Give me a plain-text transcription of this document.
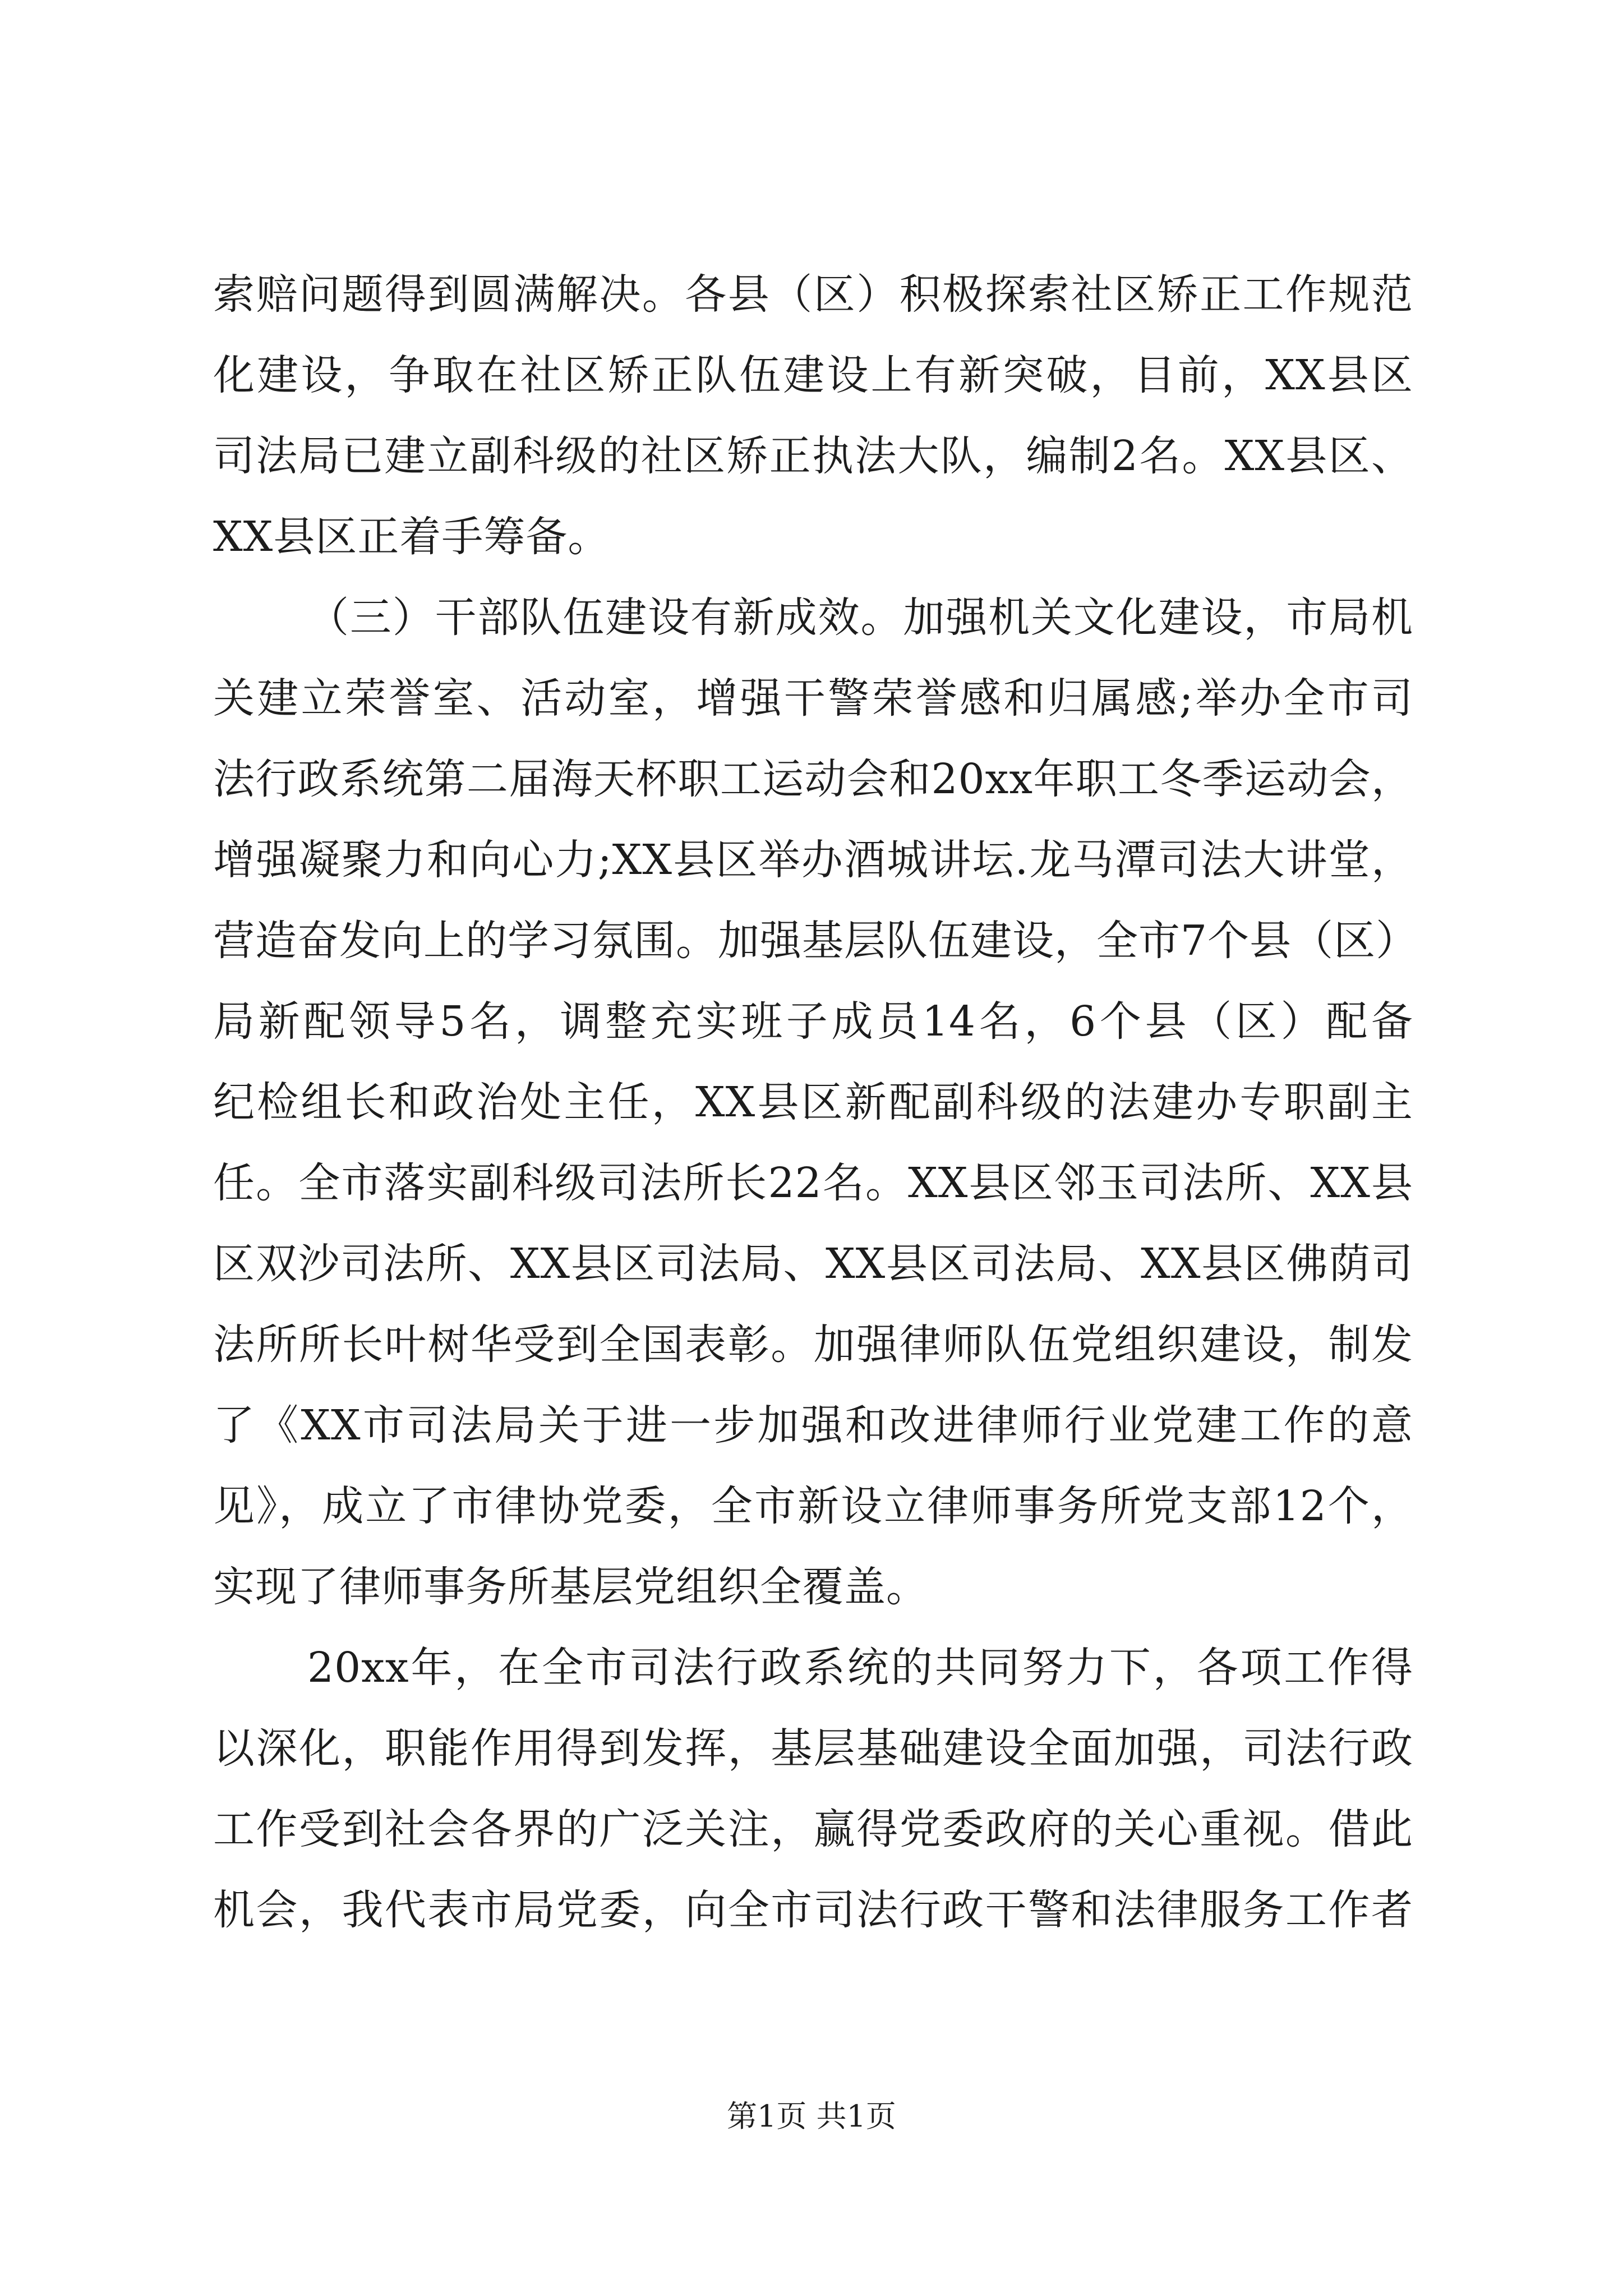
索赔问题得到圆满解决。各县（区）积极探索社区矫正工作规范
化建设，争取在社区矫正队伍建设上有新突破，目前，XX县区
司法局已建立副科级的社区矫正执法大队，编制2名。XX县区、
XX县区正着手筹备。
（三）干部队伍建设有新成效。加强机关文化建设，市局机
关建立荣誉室、活动室，增强干警荣誉感和归属感;举办全市司
法行政系统第二届海天杯职工运动会和20xx年职工冬季运动会，
增强凝聚力和向心力;XX县区举办酒城讲坛.龙马潭司法大讲堂，
营造奋发向上的学习氛围。加强基层队伍建设，全市7个县（区）
局新配领导5名，调整充实班子成员14名，6个县（区）配备
纪检组长和政治处主任，XX县区新配副科级的法建办专职副主
任。全市落实副科级司法所长22名。XX县区邻玉司法所、XX县
区双沙司法所、XX县区司法局、XX县区司法局、XX县区佛荫司
法所所长叶树华受到全国表彰。加强律师队伍党组织建设，制发
了《XX市司法局关于进一步加强和改进律师行业党建工作的意
见》，成立了市律协党委，全市新设立律师事务所党支部12个，
实现了律师事务所基层党组织全覆盖。
20xx年，在全市司法行政系统的共同努力下，各项工作得
以深化，职能作用得到发挥，基层基础建设全面加强，司法行政
工作受到社会各界的广泛关注，赢得党委政府的关心重视。借此
机会，我代表市局党委，向全市司法行政干警和法律服务工作者
第1页 共1页
